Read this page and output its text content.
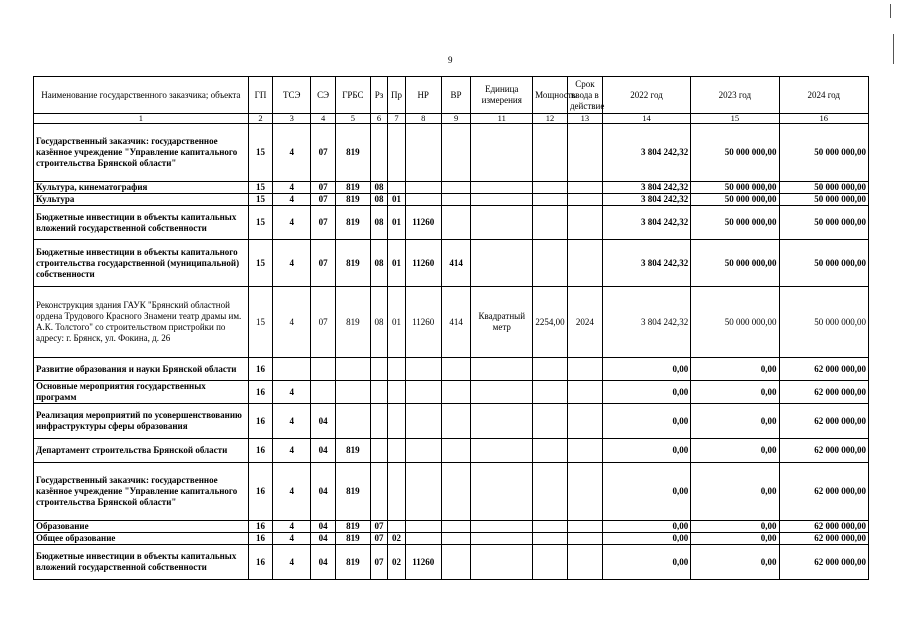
9
Наименование государственного заказчика; объекта	ГП	ТСЭ	СЭ	ГРБС	Рз	Пр	НР	ВР	Единица измерения	Мощность	Срок ввода в действие	2022 год	2023 год	2024 год
1	2	3	4	5	6	7	8	9	11	12	13	14	15	16
Государственный заказчик: государственное казённое учреждение "Управление капитального строительства Брянской области"	15	4	07	819								3 804 242,32	50 000 000,00	50 000 000,00
Культура, кинематография	15	4	07	819	08							3 804 242,32	50 000 000,00	50 000 000,00
Культура	15	4	07	819	08	01						3 804 242,32	50 000 000,00	50 000 000,00
Бюджетные инвестиции в объекты капитальных вложений государственной собственности	15	4	07	819	08	01	11260					3 804 242,32	50 000 000,00	50 000 000,00
Бюджетные инвестиции в объекты капитального строительства государственной (муниципальной) собственности	15	4	07	819	08	01	11260	414				3 804 242,32	50 000 000,00	50 000 000,00
Реконструкция здания ГАУК "Брянский областной ордена Трудового Красного Знамени театр драмы им. А.К. Толстого" со строительством пристройки по адресу: г. Брянск, ул. Фокина, д. 26	15	4	07	819	08	01	11260	414	Квадратный метр	2254,00	2024	3 804 242,32	50 000 000,00	50 000 000,00
Развитие образования и науки Брянской области	16											0,00	0,00	62 000 000,00
Основные мероприятия государственных программ	16	4										0,00	0,00	62 000 000,00
Реализация мероприятий по усовершенствованию инфраструктуры сферы образования	16	4	04									0,00	0,00	62 000 000,00
Департамент строительства Брянской области	16	4	04	819								0,00	0,00	62 000 000,00
Государственный заказчик: государственное казённое учреждение "Управление капитального строительства Брянской области"	16	4	04	819								0,00	0,00	62 000 000,00
Образование	16	4	04	819	07							0,00	0,00	62 000 000,00
Общее образование	16	4	04	819	07	02						0,00	0,00	62 000 000,00
Бюджетные инвестиции в объекты капитальных вложений государственной собственности	16	4	04	819	07	02	11260					0,00	0,00	62 000 000,00
